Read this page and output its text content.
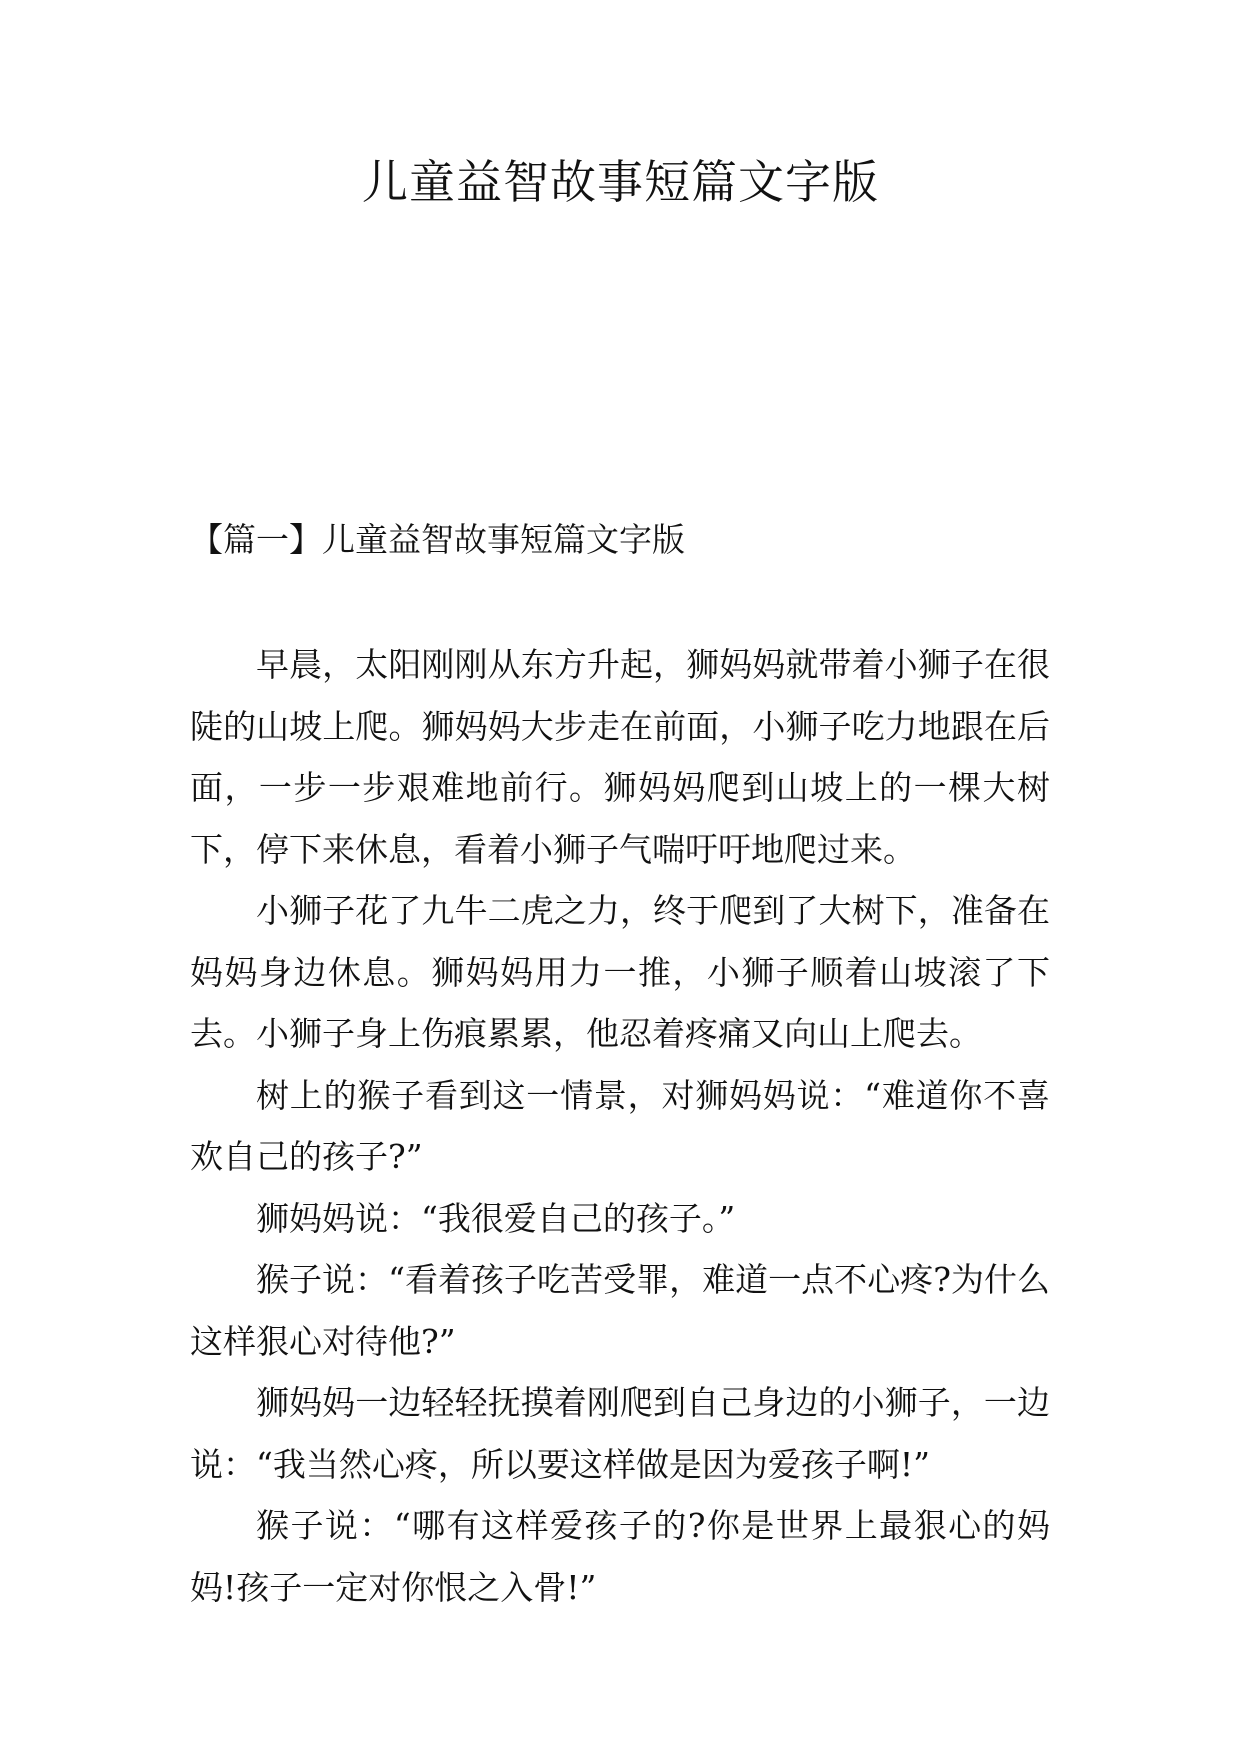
儿童益智故事短篇文字版
【篇一】儿童益智故事短篇文字版

早晨，太阳刚刚从东方升起，狮妈妈就带着小狮子在很陡的山坡上爬。狮妈妈大步走在前面，小狮子吃力地跟在后面，一步一步艰难地前行。狮妈妈爬到山坡上的一棵大树下，停下来休息，看着小狮子气喘吁吁地爬过来。

小狮子花了九牛二虎之力，终于爬到了大树下，准备在妈妈身边休息。狮妈妈用力一推，小狮子顺着山坡滚了下去。小狮子身上伤痕累累，他忍着疼痛又向山上爬去。

树上的猴子看到这一情景，对狮妈妈说：“难道你不喜欢自己的孩子?”

狮妈妈说：“我很爱自己的孩子。”

猴子说：“看着孩子吃苦受罪，难道一点不心疼?为什么这样狠心对待他?”

狮妈妈一边轻轻抚摸着刚爬到自己身边的小狮子，一边说：“我当然心疼，所以要这样做是因为爱孩子啊!”

猴子说：“哪有这样爱孩子的?你是世界上最狠心的妈妈!孩子一定对你恨之入骨!”
